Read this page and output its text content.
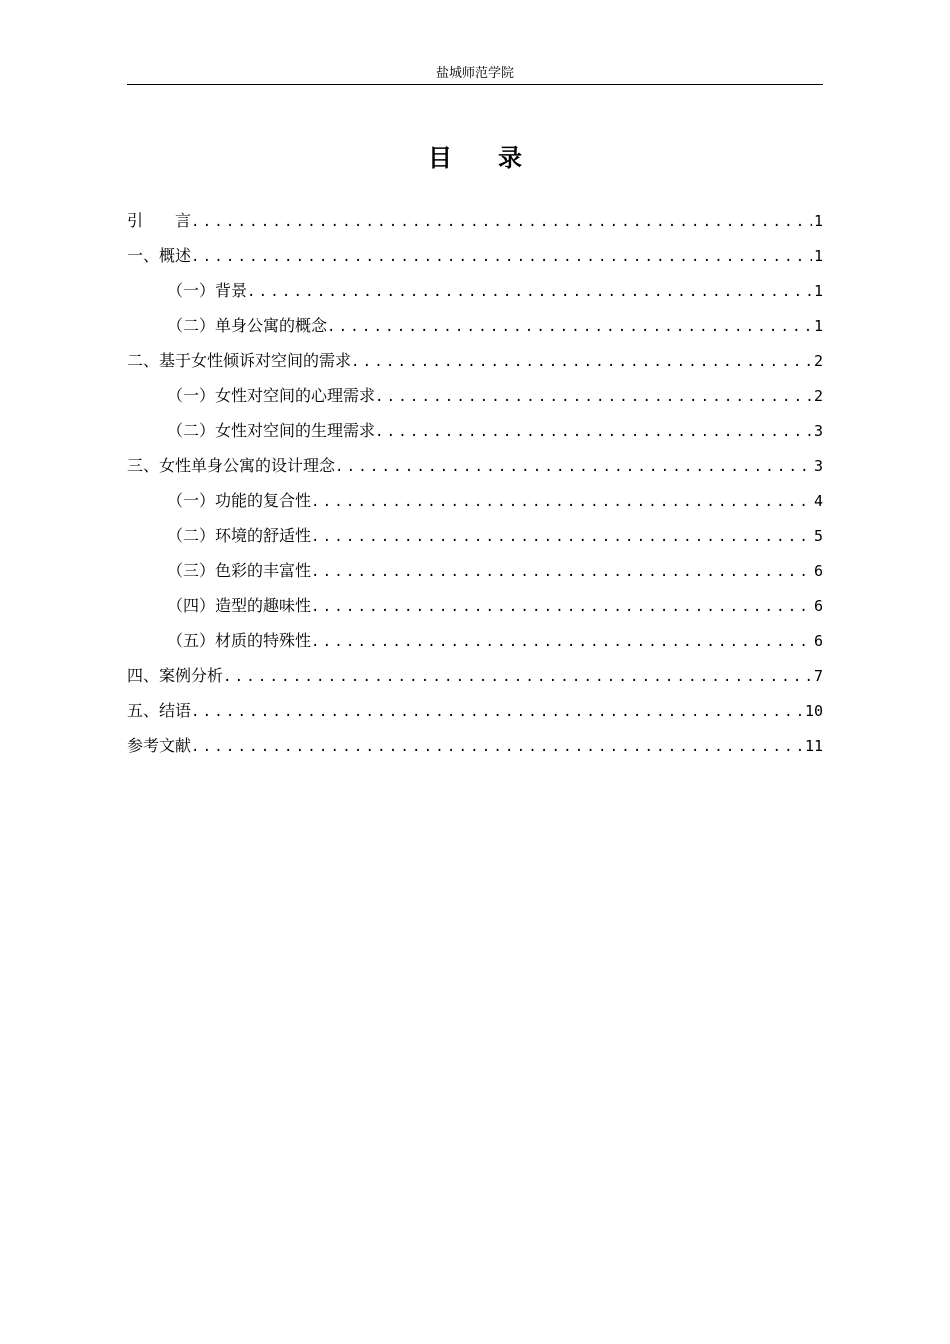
盐城师范学院
目 录
引　　言 .....	1
一、概述 .....	1
（一）背景 .....	1
（二）单身公寓的概念 .....	1
二、基于女性倾诉对空间的需求 .....	2
（一）女性对空间的心理需求 .....	2
（二）女性对空间的生理需求 .....	3
三、女性单身公寓的设计理念 .....	3
（一）功能的复合性 .....	4
（二）环境的舒适性 .....	5
（三）色彩的丰富性 .....	6
（四）造型的趣味性 .....	6
（五）材质的特殊性 .....	6
四、案例分析 .....	7
五、结语 .....	10
参考文献 .....	11
